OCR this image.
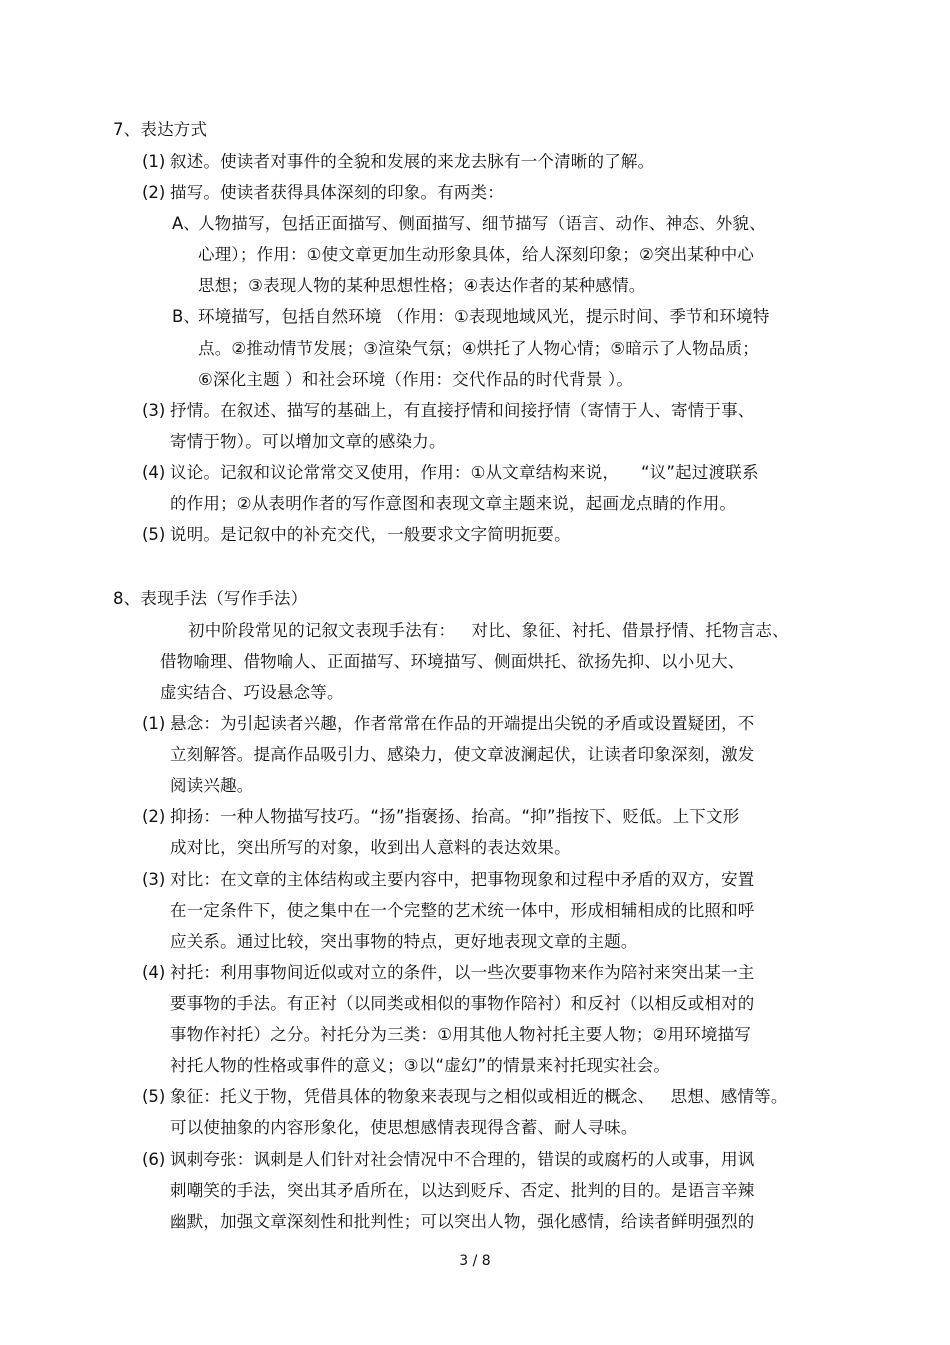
7、表达方式
(1) 叙述。使读者对事件的全貌和发展的来龙去脉有一个清晰的了解。
(2) 描写。使读者获得具体深刻的印象。有两类：
A、
人物描写，包括正面描写、侧面描写、细节描写（语言、动作、神态、外貌、
心理）；作用：①使文章更加生动形象具体，给人深刻印象；②突出某种中心
思想；③表现人物的某种思想性格；④表达作者的某种感情。
B、
环境描写，包括自然环境 （作用：①表现地域风光，提示时间、季节和环境特
点。②推动情节发展；③渲染气氛；④烘托了人物心情；⑤暗示了人物品质；
⑥深化主题 ）和社会环境（作用：交代作品的时代背景 ）。
(3) 抒情。在叙述、描写的基础上，有直接抒情和间接抒情（寄情于人、寄情于事、
寄情于物）。可以增加文章的感染力。
(4) 议论。记叙和议论常常交叉使用，作用：①从文章结构来说，    “议”起过渡联系
的作用；②从表明作者的写作意图和表现文章主题来说，起画龙点睛的作用。
(5) 说明。是记叙中的补充交代，一般要求文字简明扼要。
8、表现手法（写作手法）
初中阶段常见的记叙文表现手法有：   对比、象征、衬托、借景抒情、托物言志、
借物喻理、借物喻人、正面描写、环境描写、侧面烘托、欲扬先抑、以小见大、
虚实结合、巧设悬念等。
(1) 悬念：为引起读者兴趣，作者常常在作品的开端提出尖锐的矛盾或设置疑团，不
立刻解答。提高作品吸引力、感染力，使文章波澜起伏，让读者印象深刻，激发
阅读兴趣。
(2) 抑扬：一种人物描写技巧。“扬”指褒扬、抬高。“抑”指按下、贬低。上下文形
成对比，突出所写的对象，收到出人意料的表达效果。
(3) 对比：在文章的主体结构或主要内容中，把事物现象和过程中矛盾的双方，安置
在一定条件下，使之集中在一个完整的艺术统一体中，形成相辅相成的比照和呼
应关系。通过比较，突出事物的特点，更好地表现文章的主题。
(4) 衬托：利用事物间近似或对立的条件，以一些次要事物来作为陪衬来突出某一主
要事物的手法。有正衬（以同类或相似的事物作陪衬）和反衬（以相反或相对的
事物作衬托）之分。衬托分为三类：①用其他人物衬托主要人物；②用环境描写
衬托人物的性格或事件的意义；③以“虚幻”的情景来衬托现实社会。
(5) 象征：托义于物，凭借具体的物象来表现与之相似或相近的概念、   思想、感情等。
可以使抽象的内容形象化，使思想感情表现得含蓄、耐人寻味。
(6) 讽刺夸张：讽刺是人们针对社会情况中不合理的，错误的或腐朽的人或事，用讽
刺嘲笑的手法，突出其矛盾所在，以达到贬斥、否定、批判的目的。是语言辛辣
幽默，加强文章深刻性和批判性；可以突出人物，强化感情，给读者鲜明强烈的
3 / 8
